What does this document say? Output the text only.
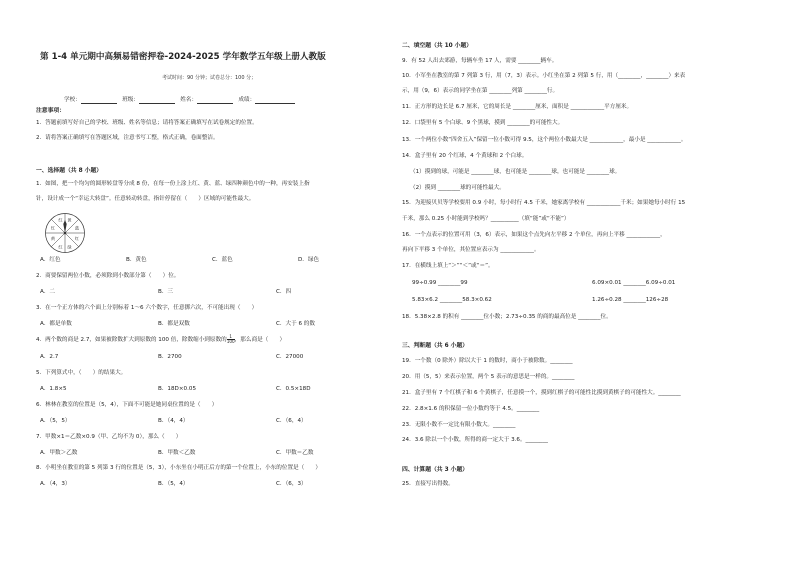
第 1-4 单元期中高频易错密押卷-2024-2025 学年数学五年级上册人教版
考试时间：90 分钟；试卷总分：100 分；
学校：	班级：	姓名：	成绩：
注意事项：
1．答题前填写好自己的学校、班级、姓名等信息；请将答案正确填写在试卷规定的位置。
2．请将答案正确填写在答题区域，注意书写工整，格式正确，卷面整洁。
一、选择题（共 8 小题）
1．如图，把一个均匀的圆形转盘等分成 8 份，在每一份上涂上红、黄、蓝、绿四种颜色中的一种，再安装上指
针，设计成一个“幸运大转盘”。任意转动转盘，指针停留在（　　）区域的可能性最大。
红 黄
蓝
红
绿
红
黄
红
A．红色	B．黄色	C．蓝色	D．绿色
2．商要保留两位小数，必须除到小数部分第（　　）位。
A．二	B．三	C．四
3．在一个正方体的六个面上分别标着 1～6 六个数字，任意掷六次，不可能出现（　　）
A．都是单数	B．都是双数	C．大于 6 的数
4．两个数的商是 2.7，如果被除数扩大到原数的 100 倍，除数缩小到原数的 $\frac{1}{100}$ ，那么商是（　　）
A．2.7	B．2700	C．27000
5．下列算式中，（　　）的结果大。
A．1.8×5	B．18D×0.05	C．0.5×18D
6．林林在教室的位置是（5，4），下面不可能是她同桌位置的是（　　）
A．（5，5）	B．（4，4）	C．（6，4）
7．甲数×1＝乙数×0.9（甲、乙均不为 0），那么（　　）
A．甲数＞乙数	B．甲数＜乙数	C．甲数＝乙数
8．小明坐在教室的第 5 列第 3 行的位置是（5，3），小东坐在小明正后方的第一个位置上，小东的位置是（　　）
A．（4，3）	B．（5，4）	C．（6，3）
二、填空题（共 10 小题）
9．有 52 人出去郊游，每辆车坐 17 人，需要 ________辆车。
10．小军坐在教室的第 7 列第 3 行，用（7，3）表示。小红坐在第 2 列第 5 行，用（________，________）来表
示，用（9，6）表示的同学坐在第 ________列第 ________行。
11．正方形的边长是 6.7 厘米，它的周长是 ________厘米，面积是 ____________平方厘米。
12．口袋里有 5 个白球、9 个黑球，摸到 ________的可能性大。
13．一个两位小数“四舍五入”保留一位小数可得 9.5，这个两位小数最大是 ____________，最小是 ____________。
14．盒子里有 20 个红球，4 个黄球和 2 个白球。
（1）摸到的球，可能是 ________球，也可能是 ________球，也可能是 ________球。
（2）摸到 ________球的可能性最大。
15．为迎接贝贝等学校要用 0.9 小时，每小时行 4.5 千米，她家离学校有 ____________千米；如果她每小时行 15
千米，那么 0.25 小时能到学校吗？__________（填“能”或“不能”）
16．一个点表示的位置可用（3，6）表示，如果这个点先向左平移 2 个单位，再向上平移 ____________，
再向下平移 3 个单位，其位置应表示为 ____________。
17．在横线上填上“＞”“＜”或“＝”。
99÷0.99 ________99	6.09×0.01 ________6.09÷0.01
5.83×6.2 ________58.3×0.62	1.26÷0.28 ________126÷28
18．5.38×2.8 的积有 ________位小数；2.73÷0.35 的商的最高位是 ________位。
三、判断题（共 6 小题）
19．一个数（0 除外）除以大于 1 的数时，商小于被除数。________
20．用（5，5）来表示位置，两个 5 表示的意思是一样的。________
21．盒子里有 7 个红棋子和 6 个黄棋子，任意摸一个，摸到红棋子的可能性比摸到黄棋子的可能性大。________
22．2.8×1.6 的积保留一位小数约等于 4.5。________
23．无限小数不一定比有限小数大。________
24．3.6 除以一个小数，所得的商一定大于 3.6。________
四、计算题（共 3 小题）
25．直接写出得数。
